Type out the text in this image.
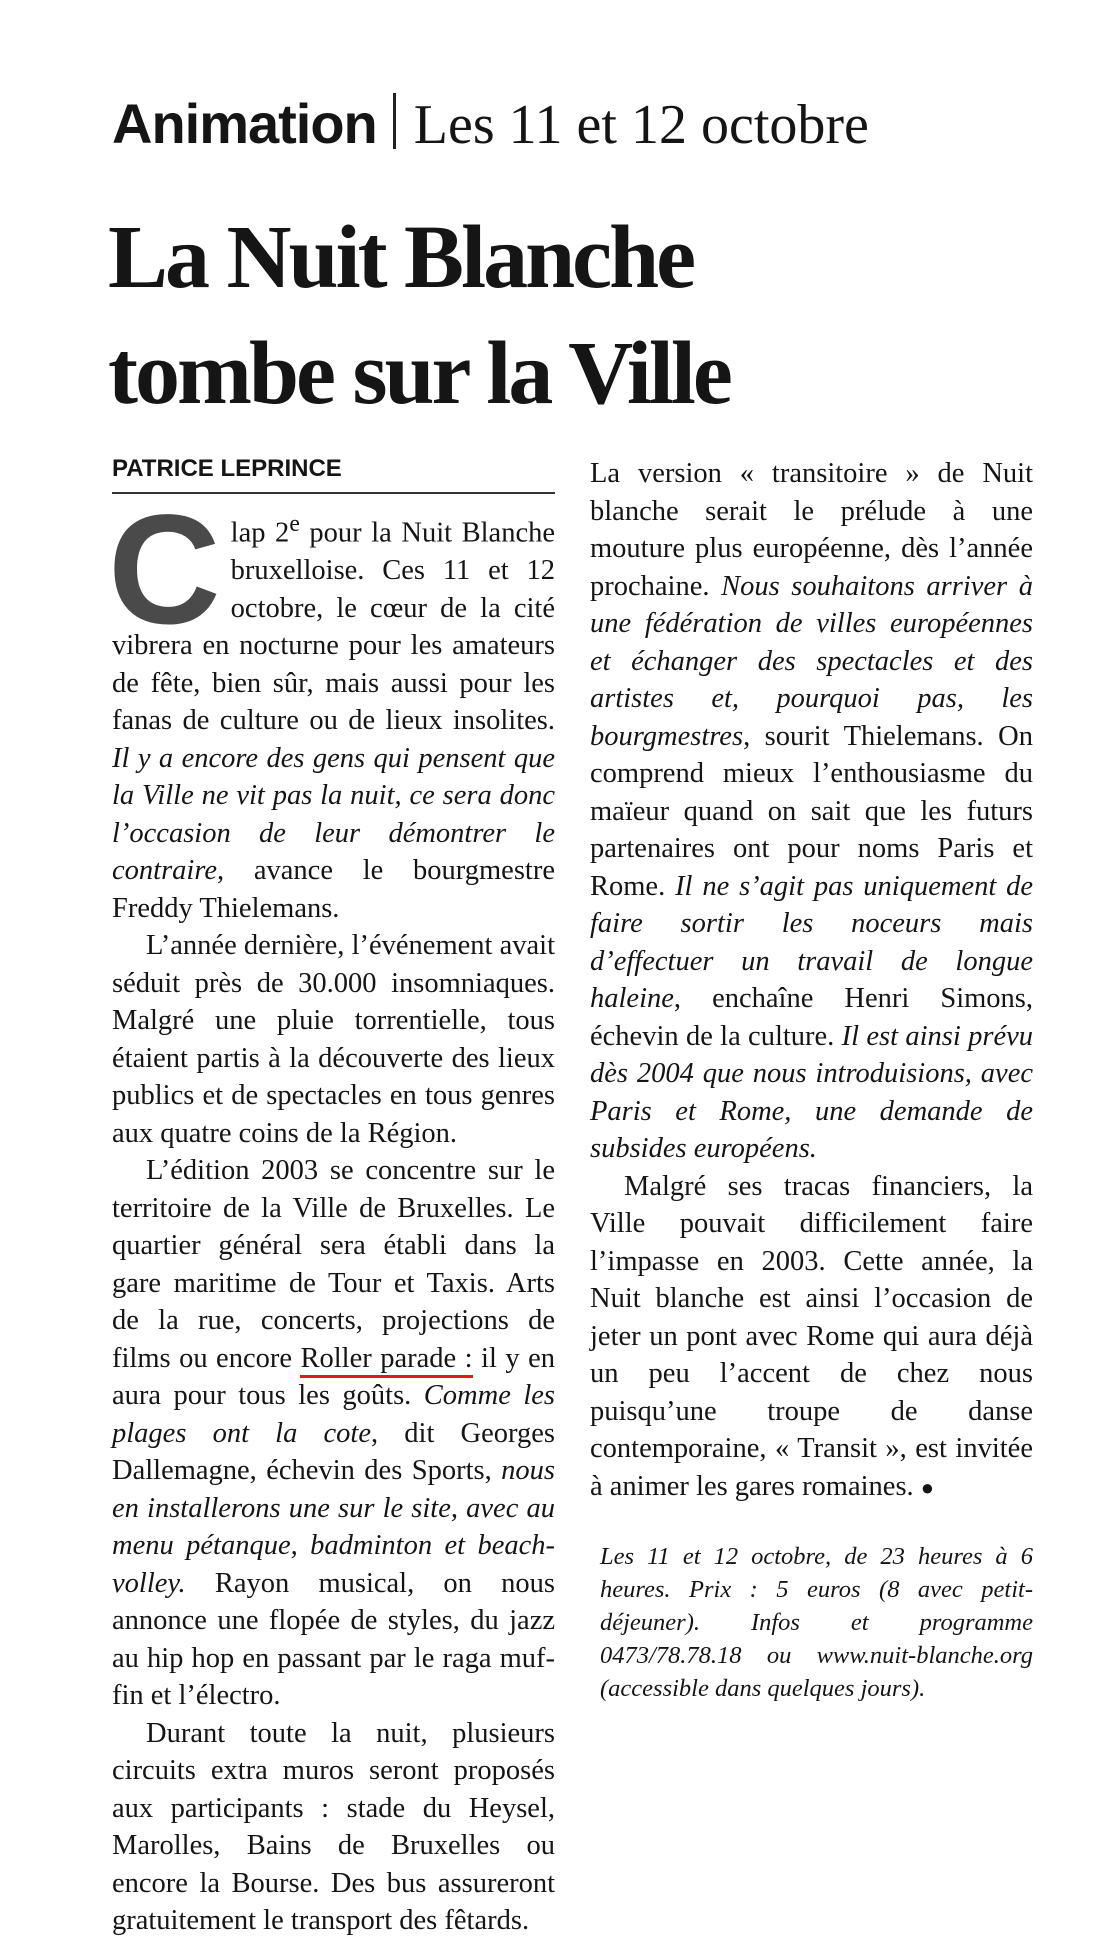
Animation Les 11 et 12 octobre
La Nuit Blanche
tombe sur la Ville
PATRICE LEPRINCE

Clap 2e pour la Nuit Blanche bruxelloise. Ces 11 et 12 octobre, le cœur de la cité vibrera en nocturne pour les amateurs de fête, bien sûr, mais aussi pour les fanas de culture ou de lieux insolites. Il y a encore des gens qui pensent que la Ville ne vit pas la nuit, ce sera donc l’occasion de leur démontrer le contraire, avance le bourgmestre Freddy Thielemans.

L’année dernière, l’événement avait séduit près de 30.000 insomniaques. Malgré une pluie torrentielle, tous étaient partis à la découverte des lieux publics et de spectacles en tous genres aux quatre coins de la Région.

L’édition 2003 se concentre sur le territoire de la Ville de Bruxelles. Le quartier général sera établi dans la gare maritime de Tour et Taxis. Arts de la rue, concerts, projections de films ou encore Roller parade : il y en aura pour tous les goûts. Comme les plages ont la cote, dit Georges Dallemagne, échevin des Sports, nous en installerons une sur le site, avec au menu pétanque, badminton et beach-volley. Rayon musical, on nous annonce une flopée de styles, du jazz au hip hop en passant par le raga muffin et l’électro.

Durant toute la nuit, plusieurs circuits extra muros seront proposés aux participants : stade du Heysel, Marolles, Bains de Bruxelles ou encore la Bourse. Des bus assureront gratuitement le transport des fêtards.

La version « transitoire » de Nuit blanche serait le prélude à une mouture plus européenne, dès l’année prochaine. Nous souhaitons arriver à une fédération de villes européennes et échanger des spectacles et des artistes et, pourquoi pas, les bourgmestres, sourit Thielemans. On comprend mieux l’enthousiasme du maïeur quand on sait que les futurs partenaires ont pour noms Paris et Rome. Il ne s’agit pas uniquement de faire sortir les noceurs mais d’effectuer un travail de longue haleine, enchaîne Henri Simons, échevin de la culture. Il est ainsi prévu dès 2004 que nous introduisions, avec Paris et Rome, une demande de subsides européens.

Malgré ses tracas financiers, la Ville pouvait difficilement faire l’impasse en 2003. Cette année, la Nuit blanche est ainsi l’occasion de jeter un pont avec Rome qui aura déjà un peu l’accent de chez nous puisqu’une troupe de danse contemporaine, « Transit », est invitée à animer les gares romaines. ●

Les 11 et 12 octobre, de 23 heures à 6 heures. Prix : 5 euros (8 avec petit-déjeuner). Infos et programme 0473/78.78.18 ou www.nuit-blanche.org (accessible dans quelques jours).
